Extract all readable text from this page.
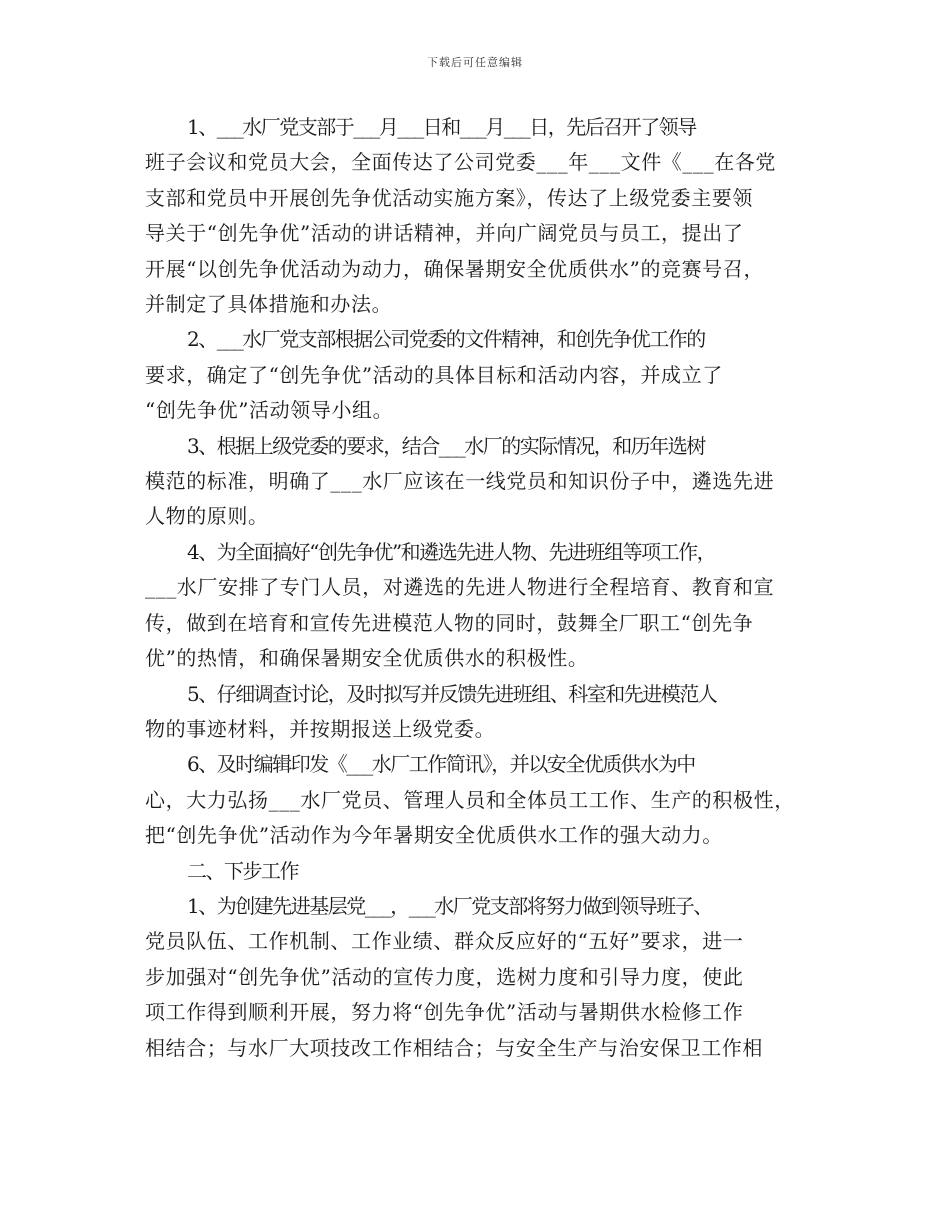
下载后可任意编辑
1、___水厂党支部于___月___日和___月___日，先后召开了领导
班子会议和党员大会，全面传达了公司党委___年___文件《___在各党
支部和党员中开展创先争优活动实施方案》，传达了上级党委主要领
导关于“创先争优”活动的讲话精神，并向广阔党员与员工，提出了
开展“以创先争优活动为动力，确保暑期安全优质供水”的竞赛号召，
并制定了具体措施和办法。
2、___水厂党支部根据公司党委的文件精神，和创先争优工作的
要求，确定了“创先争优”活动的具体目标和活动内容，并成立了
“创先争优”活动领导小组。
3、根据上级党委的要求，结合___水厂的实际情况，和历年选树
模范的标准，明确了___水厂应该在一线党员和知识份子中，遴选先进
人物的原则。
4、为全面搞好“创先争优”和遴选先进人物、先进班组等项工作，
___水厂安排了专门人员，对遴选的先进人物进行全程培育、教育和宣
传，做到在培育和宣传先进模范人物的同时，鼓舞全厂职工“创先争
优”的热情，和确保暑期安全优质供水的积极性。
5、仔细调查讨论，及时拟写并反馈先进班组、科室和先进模范人
物的事迹材料，并按期报送上级党委。
6、及时编辑印发《___水厂工作简讯》，并以安全优质供水为中
心，大力弘扬___水厂党员、管理人员和全体员工工作、生产的积极性，
把“创先争优”活动作为今年暑期安全优质供水工作的强大动力。
二、下步工作
1、为创建先进基层党___，___水厂党支部将努力做到领导班子、
党员队伍、工作机制、工作业绩、群众反应好的“五好”要求，进一
步加强对“创先争优”活动的宣传力度，选树力度和引导力度，使此
项工作得到顺利开展，努力将“创先争优”活动与暑期供水检修工作
相结合；与水厂大项技改工作相结合；与安全生产与治安保卫工作相
